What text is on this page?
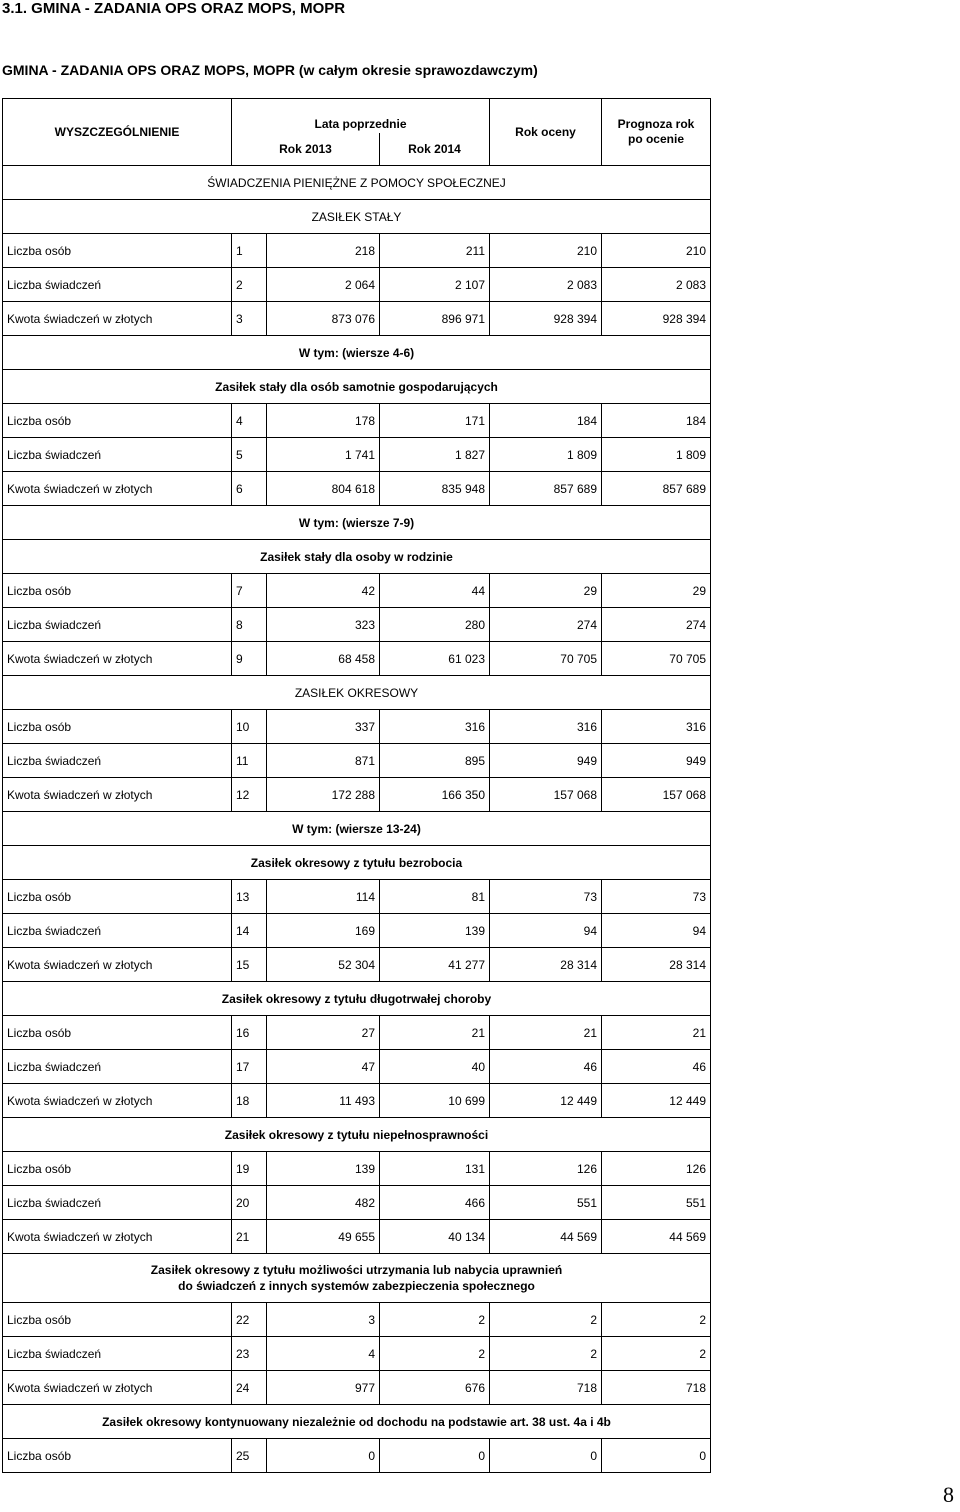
3.1. GMINA - ZADANIA OPS ORAZ MOPS, MOPR
GMINA - ZADANIA OPS ORAZ MOPS, MOPR (w całym okresie sprawozdawczym)
WYSZCZEGÓLNIENIE	Lata poprzednie			Rok oceny	Prognoza rok
po ocenie
	Rok 2013		Rok 2014		
ŚWIADCZENIA PIENIĘŻNE Z POMOCY SPOŁECZNEJ					
ZASIŁEK STAŁY					
Liczba osób	1	218	211	210	210
Liczba świadczeń	2	2 064	2 107	2 083	2 083
Kwota świadczeń w złotych	3	873 076	896 971	928 394	928 394
W tym: (wiersze 4-6)					
Zasiłek stały dla osób samotnie gospodarujących					
Liczba osób	4	178	171	184	184
Liczba świadczeń	5	1 741	1 827	1 809	1 809
Kwota świadczeń w złotych	6	804 618	835 948	857 689	857 689
W tym: (wiersze 7-9)					
Zasiłek stały dla osoby w rodzinie					
Liczba osób	7	42	44	29	29
Liczba świadczeń	8	323	280	274	274
Kwota świadczeń w złotych	9	68 458	61 023	70 705	70 705
ZASIŁEK OKRESOWY					
Liczba osób	10	337	316	316	316
Liczba świadczeń	11	871	895	949	949
Kwota świadczeń w złotych	12	172 288	166 350	157 068	157 068
W tym: (wiersze 13-24)					
Zasiłek okresowy z tytułu bezrobocia					
Liczba osób	13	114	81	73	73
Liczba świadczeń	14	169	139	94	94
Kwota świadczeń w złotych	15	52 304	41 277	28 314	28 314
Zasiłek okresowy z tytułu długotrwałej choroby					
Liczba osób	16	27	21	21	21
Liczba świadczeń	17	47	40	46	46
Kwota świadczeń w złotych	18	11 493	10 699	12 449	12 449
Zasiłek okresowy z tytułu niepełnosprawności					
Liczba osób	19	139	131	126	126
Liczba świadczeń	20	482	466	551	551
Kwota świadczeń w złotych	21	49 655	40 134	44 569	44 569
Zasiłek okresowy z tytułu możliwości utrzymania lub nabycia uprawnień
do świadczeń z innych systemów zabezpieczenia społecznego					
Liczba osób	22	3	2	2	2
Liczba świadczeń	23	4	2	2	2
Kwota świadczeń w złotych	24	977	676	718	718
Zasiłek okresowy kontynuowany niezależnie od dochodu na podstawie art. 38 ust. 4a i 4b					
Liczba osób	25	0	0	0	0
8
